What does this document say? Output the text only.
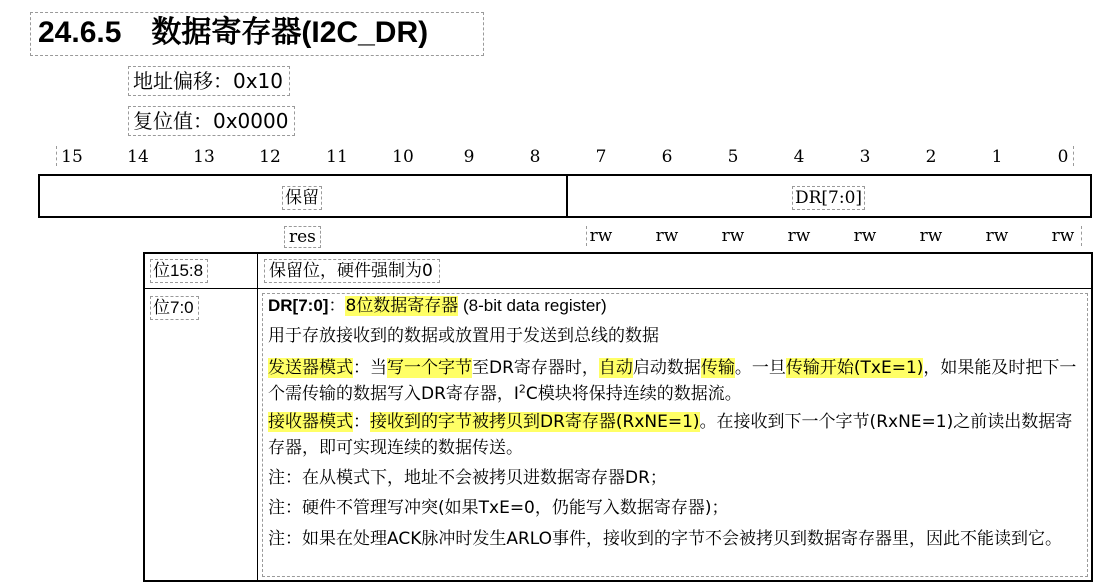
24.6.5 数据寄存器(I2C_DR)
地址偏移：0x10
复位值：0x0000
15	14	13	12	11	10	9	8	7	6	5	4	3	2	1	0
保留	DR[7:0]
res	rw	rw	rw	rw	rw	rw	rw	rw
位15:8	保留位，硬件强制为0
位7:0	DR[7:0]：8位数据寄存器 (8-bit data register)
用于存放接收到的数据或放置用于发送到总线的数据
发送器模式：当写一个字节至DR寄存器时，自动启动数据传输。一旦传输开始(TxE=1)，如果能及时把下一个需传输的数据写入DR寄存器，$I^2C$模块将保持连续的数据流。
接收器模式：接收到的字节被拷贝到DR寄存器(RxNE=1)。在接收到下一个字节(RxNE=1)之前读出数据寄存器，即可实现连续的数据传送。
注：在从模式下，地址不会被拷贝进数据寄存器DR；
注：硬件不管理写冲突(如果TxE=0，仍能写入数据寄存器)；
注：如果在处理ACK脉冲时发生ARLO事件，接收到的字节不会被拷贝到数据寄存器里，因此不能读到它。
